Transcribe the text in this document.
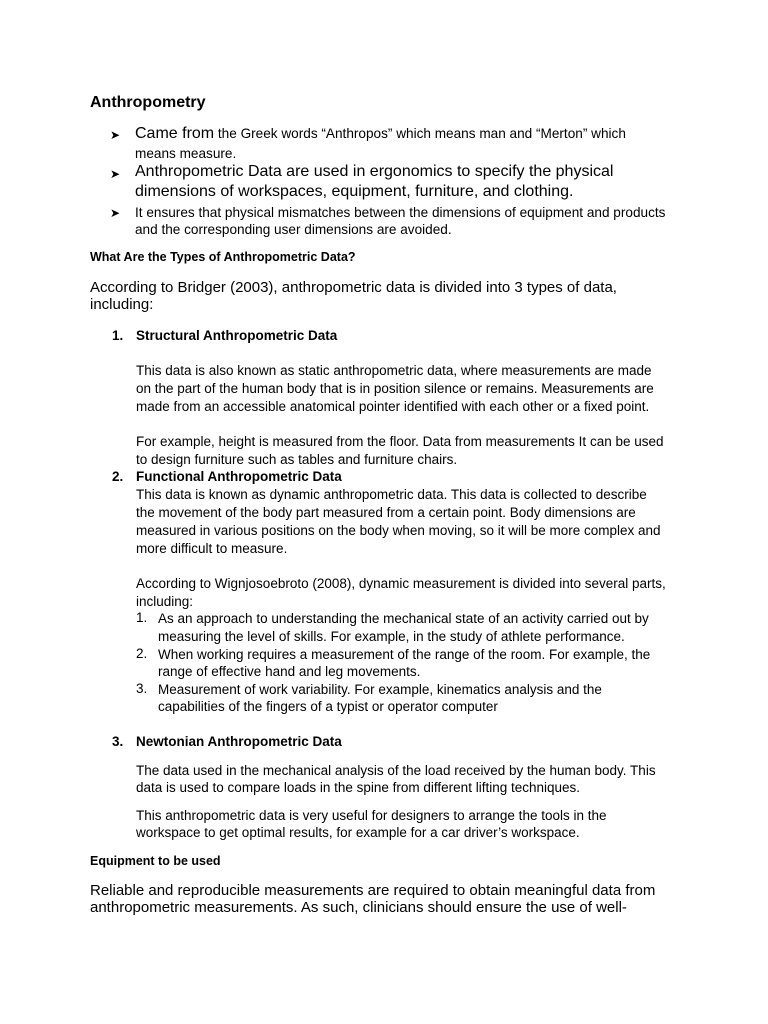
Anthropometry
➤ Came from the Greek words “Anthropos” which means man and “Merton” which
means measure.
➤ Anthropometric Data are used in ergonomics to specify the physical
dimensions of workspaces, equipment, furniture, and clothing.
➤ It ensures that physical mismatches between the dimensions of equipment and products
and the corresponding user dimensions are avoided.
What Are the Types of Anthropometric Data?
According to Bridger (2003), anthropometric data is divided into 3 types of data,
including:
1. Structural Anthropometric Data
This data is also known as static anthropometric data, where measurements are made
on the part of the human body that is in position silence or remains. Measurements are
made from an accessible anatomical pointer identified with each other or a fixed point.
For example, height is measured from the floor. Data from measurements It can be used
to design furniture such as tables and furniture chairs.
2. Functional Anthropometric Data
This data is known as dynamic anthropometric data. This data is collected to describe
the movement of the body part measured from a certain point. Body dimensions are
measured in various positions on the body when moving, so it will be more complex and
more difficult to measure.
According to Wignjosoebroto (2008), dynamic measurement is divided into several parts,
including:
1. As an approach to understanding the mechanical state of an activity carried out by
measuring the level of skills. For example, in the study of athlete performance.
2. When working requires a measurement of the range of the room. For example, the
range of effective hand and leg movements.
3. Measurement of work variability. For example, kinematics analysis and the
capabilities of the fingers of a typist or operator computer
3. Newtonian Anthropometric Data
The data used in the mechanical analysis of the load received by the human body. This
data is used to compare loads in the spine from different lifting techniques.
This anthropometric data is very useful for designers to arrange the tools in the
workspace to get optimal results, for example for a car driver’s workspace.
Equipment to be used
Reliable and reproducible measurements are required to obtain meaningful data from
anthropometric measurements. As such, clinicians should ensure the use of well-
